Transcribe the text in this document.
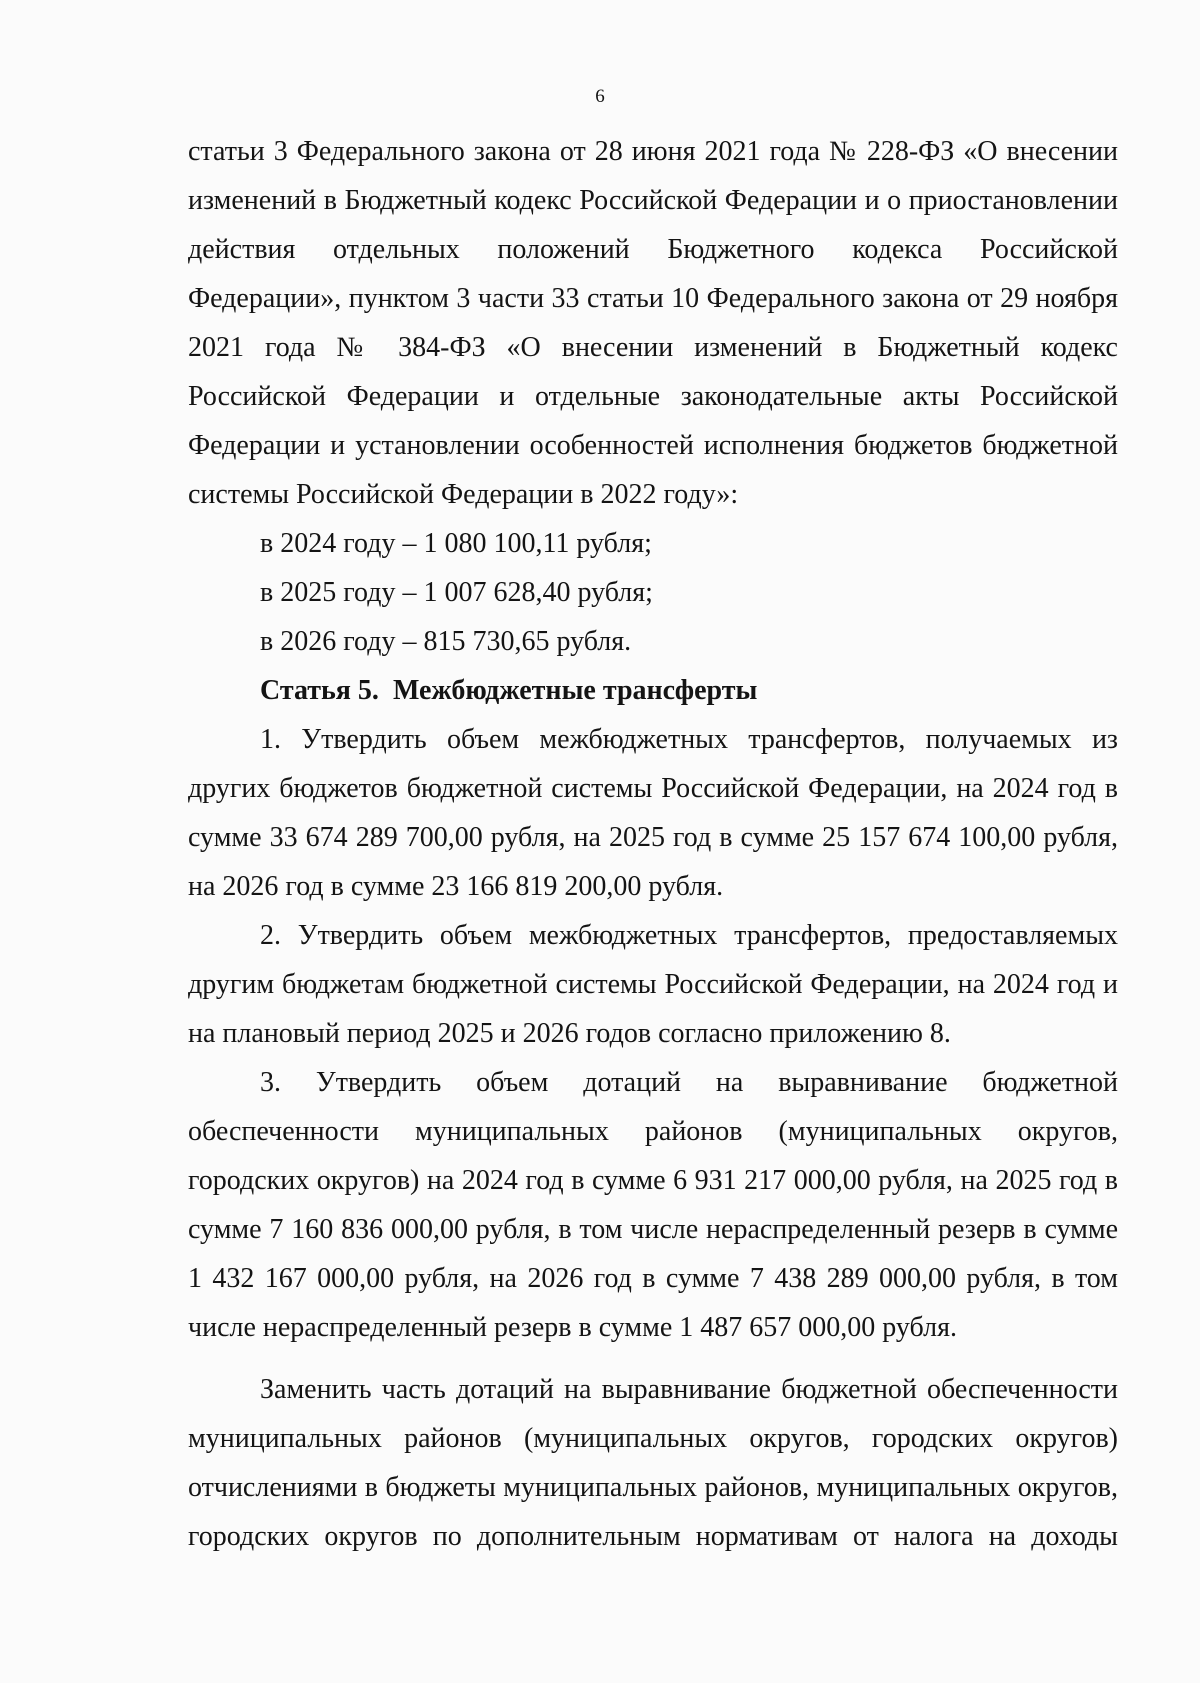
6

статьи 3 Федерального закона от 28 июня 2021 года № 228-ФЗ «О внесении изменений в Бюджетный кодекс Российской Федерации и о приостановлении действия отдельных положений Бюджетного кодекса Российской Федерации», пунктом 3 части 33 статьи 10 Федерального закона от 29 ноября 2021 года № 384-ФЗ «О внесении изменений в Бюджетный кодекс Российской Федерации и отдельные законодательные акты Российской Федерации и установлении особенностей исполнения бюджетов бюджетной системы Российской Федерации в 2022 году»:

в 2024 году – 1 080 100,11 рубля;

в 2025 году – 1 007 628,40 рубля;

в 2026 году – 815 730,65 рубля.

Статья 5. Межбюджетные трансферты

1. Утвердить объем межбюджетных трансфертов, получаемых из других бюджетов бюджетной системы Российской Федерации, на 2024 год в сумме 33 674 289 700,00 рубля, на 2025 год в сумме 25 157 674 100,00 рубля, на 2026 год в сумме 23 166 819 200,00 рубля.

2. Утвердить объем межбюджетных трансфертов, предоставляемых другим бюджетам бюджетной системы Российской Федерации, на 2024 год и на плановый период 2025 и 2026 годов согласно приложению 8.

3. Утвердить объем дотаций на выравнивание бюджетной обеспеченности муниципальных районов (муниципальных округов, городских округов) на 2024 год в сумме 6 931 217 000,00 рубля, на 2025 год в сумме 7 160 836 000,00 рубля, в том числе нераспределенный резерв в сумме 1 432 167 000,00 рубля, на 2026 год в сумме 7 438 289 000,00 рубля, в том числе нераспределенный резерв в сумме 1 487 657 000,00 рубля.

Заменить часть дотаций на выравнивание бюджетной обеспеченности муниципальных районов (муниципальных округов, городских округов) отчислениями в бюджеты муниципальных районов, муниципальных округов, городских округов по дополнительным нормативам от налога на доходы
